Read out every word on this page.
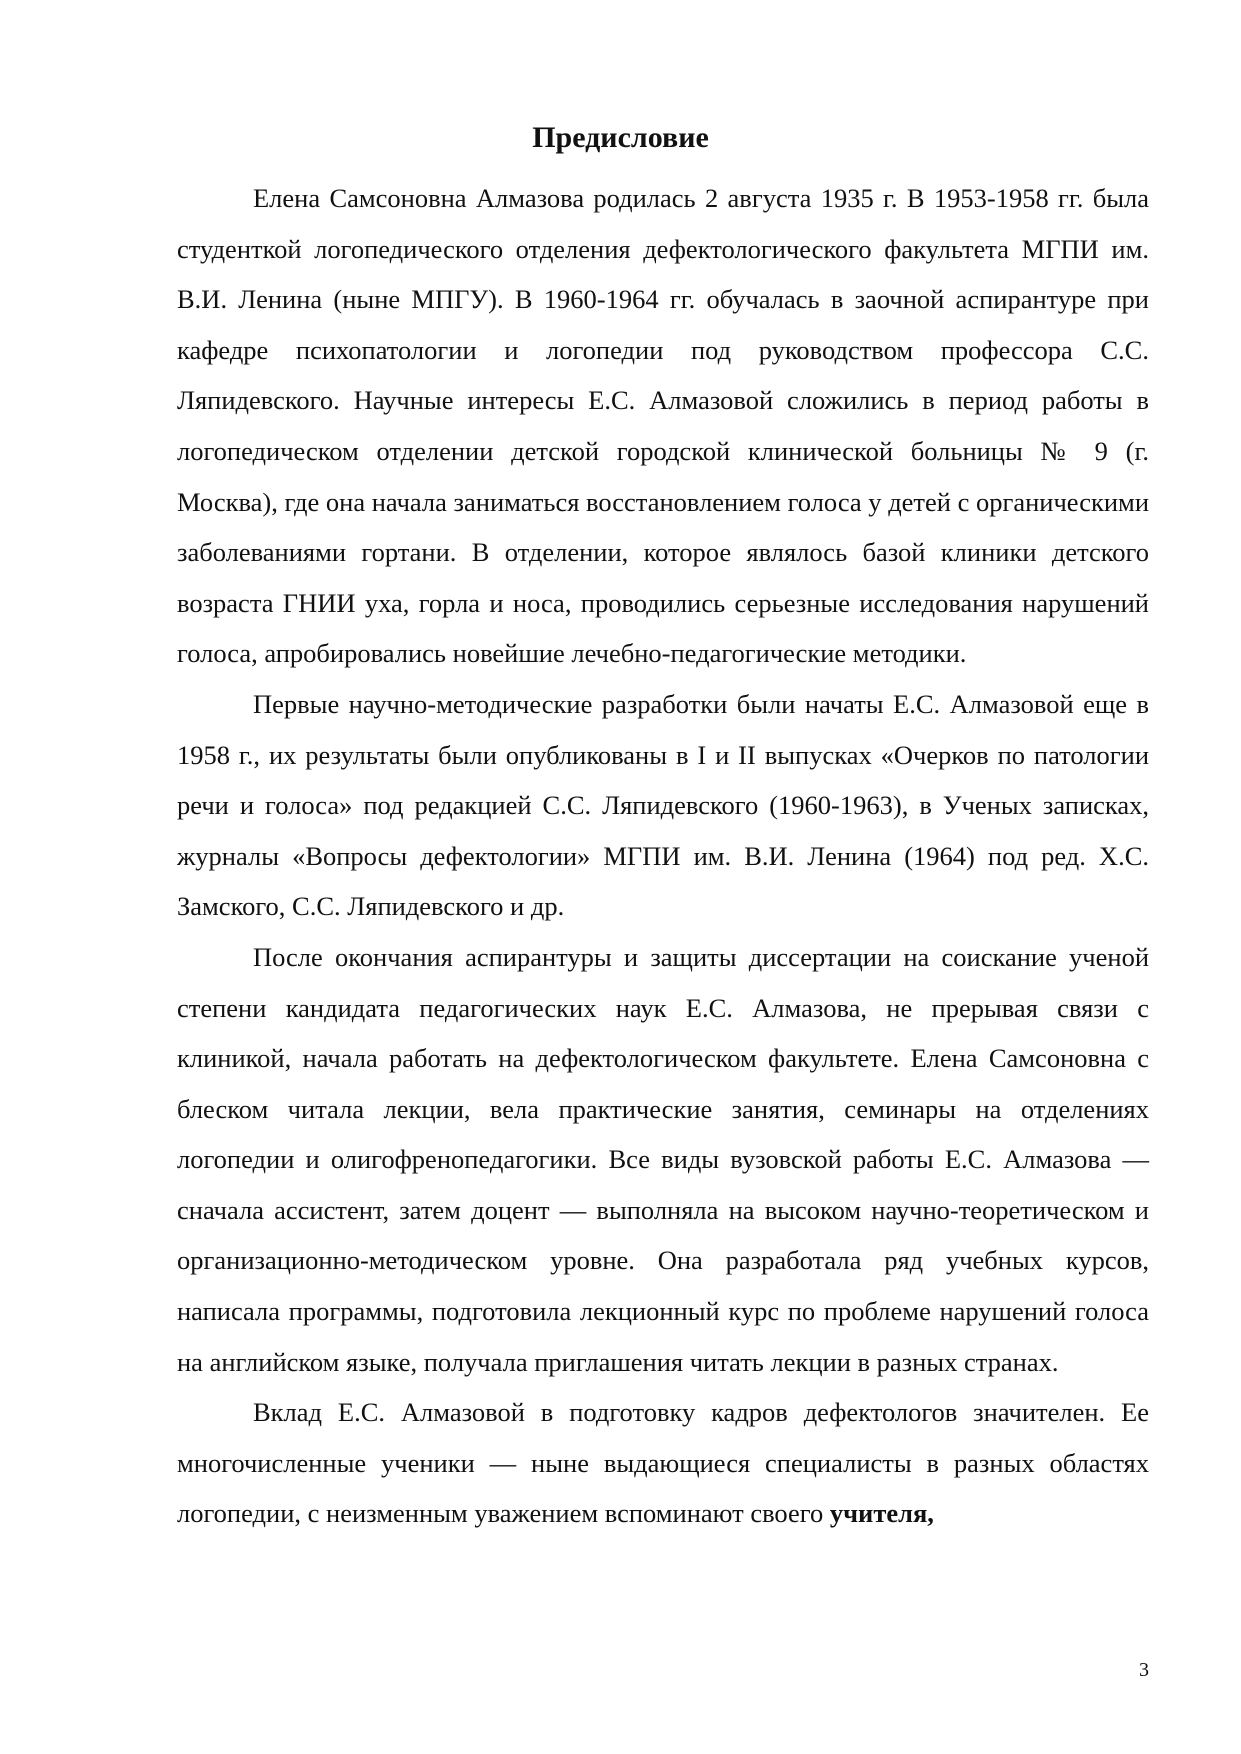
Предисловие

Елена Самсоновна Алмазова родилась 2 августа 1935 г. В 1953-1958 гг. была студенткой логопедического отделения дефектологического факультета МГПИ им. В.И. Ленина (ныне МПГУ). В 1960-1964 гг. обучалась в заочной аспирантуре при кафедре психопатологии и логопедии под руководством профессора С.С. Ляпидевского. Научные интересы Е.С. Алмазовой сложились в период работы в логопедическом отделении детской городской клинической больницы № 9 (г. Москва), где она начала заниматься восстановлением голоса у детей с органическими заболеваниями гортани. В отделении, которое являлось базой клиники детского возраста ГНИИ уха, горла и носа, проводились серьезные исследования нарушений голоса, апробировались новейшие лечебно-педагогические методики.

Первые научно-методические разработки были начаты Е.С. Алмазовой еще в 1958 г., их результаты были опубликованы в I и II выпусках «Очерков по патологии речи и голоса» под редакцией С.С. Ляпидевского (1960-1963), в Ученых записках, журналы «Вопросы дефектологии» МГПИ им. В.И. Ленина (1964) под ред. Х.С. Замского, С.С. Ляпидевского и др.

После окончания аспирантуры и защиты диссертации на соискание ученой степени кандидата педагогических наук Е.С. Алмазова, не прерывая связи с клиникой, начала работать на дефектологическом факультете. Елена Самсоновна с блеском читала лекции, вела практические занятия, семинары на отделениях логопедии и олигофренопедагогики. Все виды вузовской работы Е.С. Алмазова — сначала ассистент, затем доцент — выполняла на высоком научно-теоретическом и организационно-методическом уровне. Она разработала ряд учебных курсов, написала программы, подготовила лекционный курс по проблеме нарушений голоса на английском языке, получала приглашения читать лекции в разных странах.

Вклад Е.С. Алмазовой в подготовку кадров дефектологов значителен. Ее многочисленные ученики — ныне выдающиеся специалисты в разных областях логопедии, с неизменным уважением вспоминают своего учителя,

3
